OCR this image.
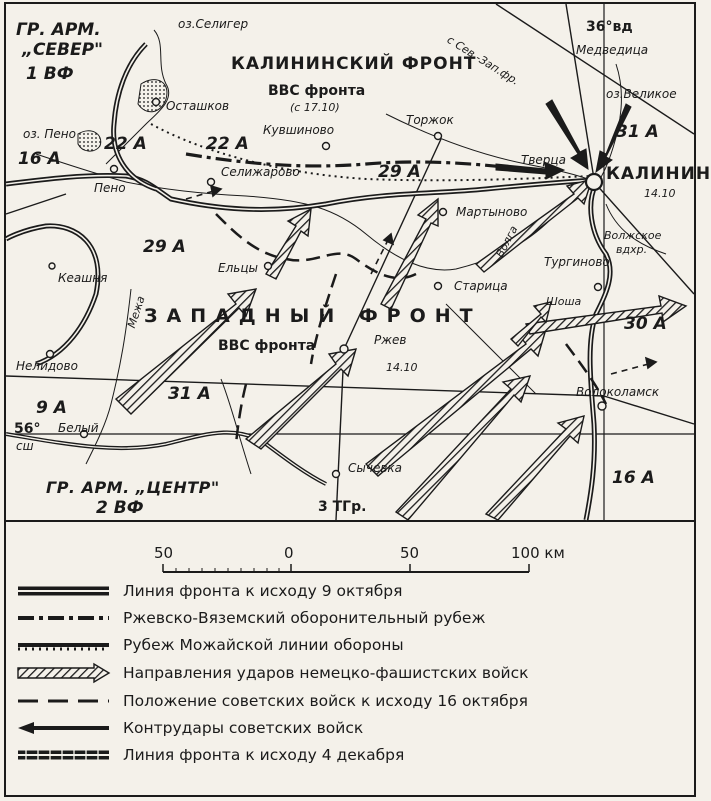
ГР. АРМ.
„СЕВЕР"
1 ВФ
оз.Селигер
КАЛИНИНСКИЙ ФРОНТ
ВВС фронта
(с 17.10)
36°вд
с Сев.-Зап.фр.	Медведица
оз.Великое
Осташков
Кувшиново
Торжок
оз. Пено 22 А	22 А
31 А
16 А	Тверца
КАЛИНИН
14.10
Пено
Селижарово	29 А
Мартыново
Волга	Волжское
вдхр.
29 А
Ельцы	Тургиново
Кеашня
Старица
Шоша
30 А
ЗАПАДНЫЙ ФРОНТ
Межа
ВВС фронта	Ржев
14.10
Нелидово
31 А	Волоколамск
9 А
56°
сш
Белый
Сычевка	16 А
ГР. АРМ. „ЦЕНТР"
2 ВФ	3 ТГр.
50	0	50	100 км
Линия фронта к исходу 9 октября
Ржевско-Вяземский оборонительный рубеж
Рубеж Можайской линии обороны
Направления ударов немецко-фашистских войск
Положение советских войск к исходу 16 октября
Контрудары советских войск
Линия фронта к исходу 4 декабря
